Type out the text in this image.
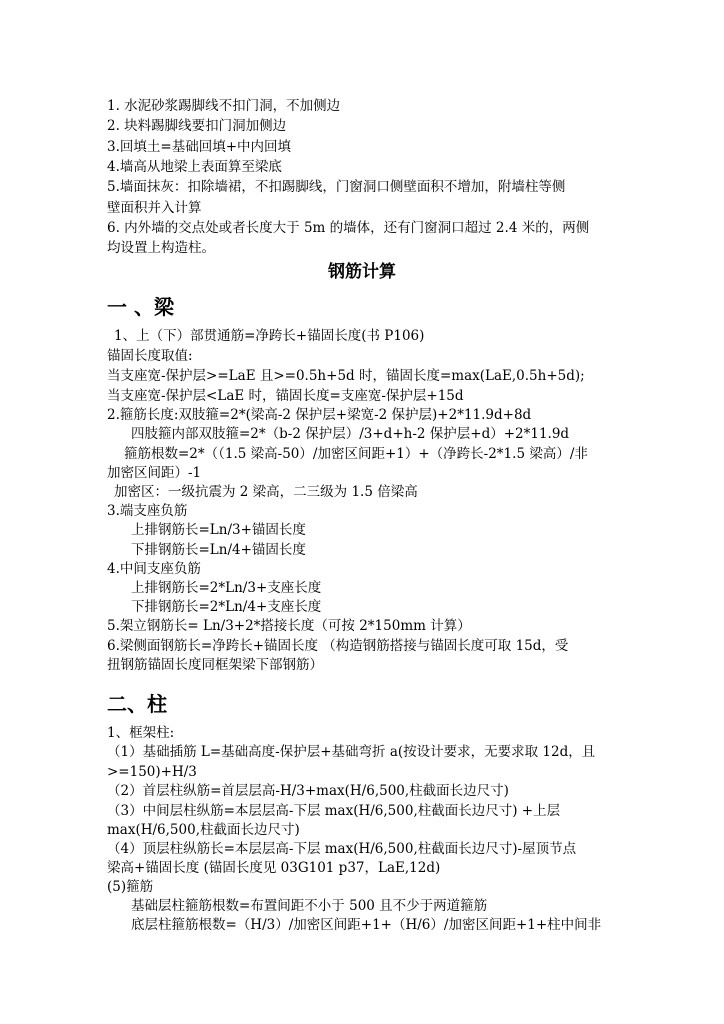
1. 水泥砂浆踢脚线不扣门洞，不加侧边
2. 块料踢脚线要扣门洞加侧边
3.回填土=基础回填+中内回填
4.墙高从地梁上表面算至梁底
5.墙面抹灰：扣除墙裙，不扣踢脚线，门窗洞口侧壁面积不增加，附墙柱等侧
壁面积并入计算
6. 内外墙的交点处或者长度大于 5m 的墙体，还有门窗洞口超过 2.4 米的，两侧
均设置上构造柱。
钢筋计算
一 、梁
1、上（下）部贯通筋=净跨长+锚固长度(书 P106)
锚固长度取值:
当支座宽-保护层>=LaE 且>=0.5h+5d 时，锚固长度=max(LaE,0.5h+5d);
当支座宽-保护层<LaE 时，锚固长度=支座宽-保护层+15d
2.箍筋长度:双肢箍=2*(梁高-2 保护层+梁宽-2 保护层)+2*11.9d+8d
四肢箍内部双肢箍=2*（b-2 保护层）/3+d+h-2 保护层+d）+2*11.9d
箍筋根数=2*（（1.5 梁高-50）/加密区间距+1）+（净跨长-2*1.5 梁高）/非
加密区间距）-1
加密区：一级抗震为 2 梁高，二三级为 1.5 倍梁高
3.端支座负筋
上排钢筋长=Ln/3+锚固长度
下排钢筋长=Ln/4+锚固长度
4.中间支座负筋
上排钢筋长=2*Ln/3+支座长度
下排钢筋长=2*Ln/4+支座长度
5.架立钢筋长= Ln/3+2*搭接长度（可按 2*150mm 计算）
6.梁侧面钢筋长=净跨长+锚固长度 （构造钢筋搭接与锚固长度可取 15d，受
扭钢筋锚固长度同框架梁下部钢筋）
二、柱
1、框架柱:
（1）基础插筋 L=基础高度-保护层+基础弯折 a(按设计要求，无要求取 12d，且
>=150)+H/3
（2）首层柱纵筋=首层层高-H/3+max(H/6,500,柱截面长边尺寸)
（3）中间层柱纵筋=本层层高-下层 max(H/6,500,柱截面长边尺寸) +上层
max(H/6,500,柱截面长边尺寸)
（4）顶层柱纵筋长=本层层高-下层 max(H/6,500,柱截面长边尺寸)-屋顶节点
梁高+锚固长度 (锚固长度见 03G101 p37，LaE,12d)
(5)箍筋
基础层柱箍筋根数=布置间距不小于 500 且不少于两道箍筋
底层柱箍筋根数=（H/3）/加密区间距+1+（H/6）/加密区间距+1+柱中间非
